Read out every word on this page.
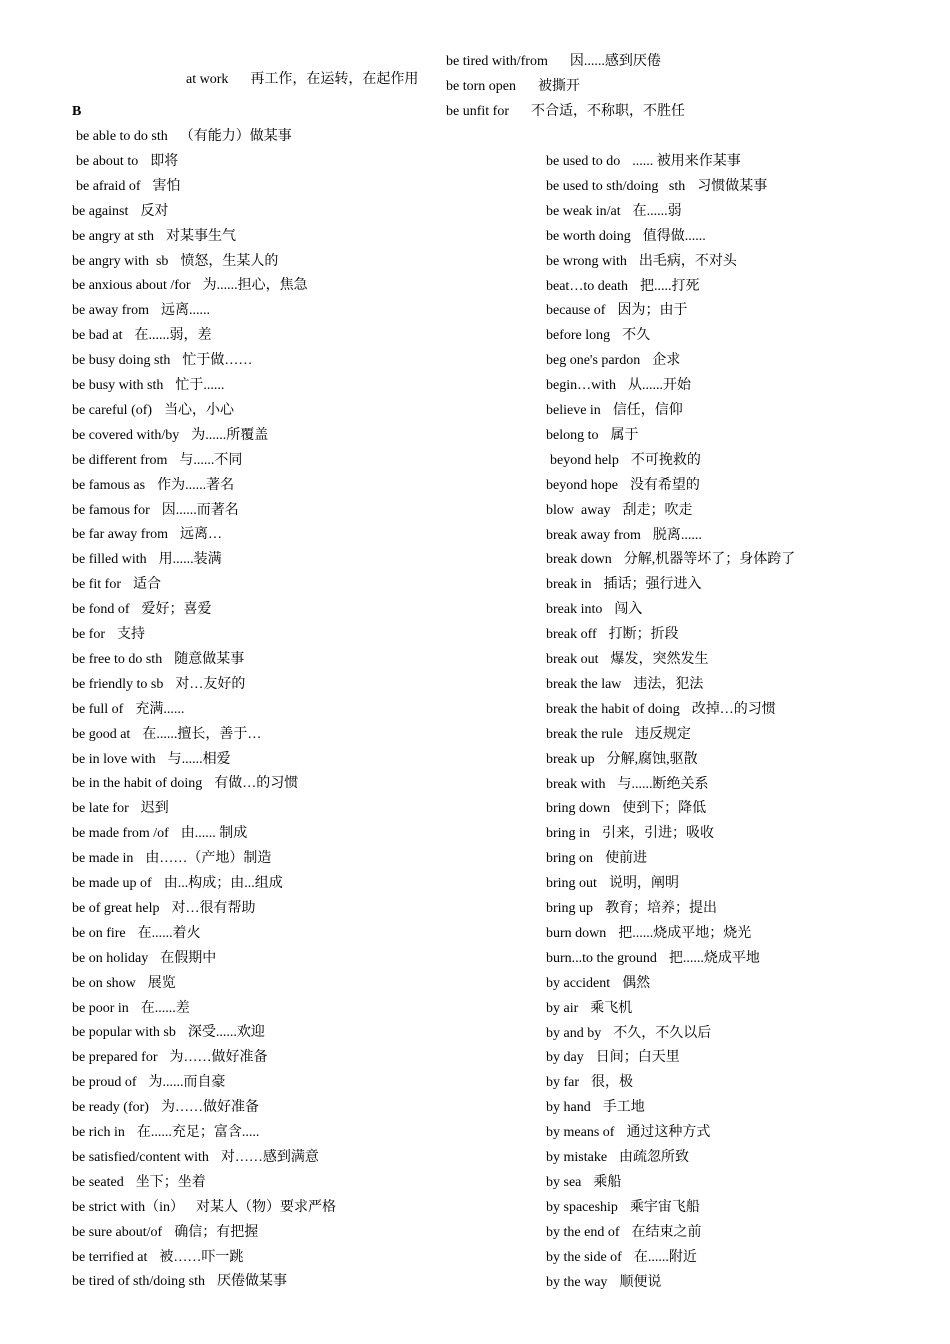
at work 再工作，在运转，在起作用

be tired with/from 因......感到厌倦
be torn open 被撕开
be unfit for 不合适，不称职，不胜任
B
be able to do sth （有能力）做某事
be about to 即将
be afraid of 害怕
be against 反对
be angry at sth 对某事生气
be angry with  sb 愤怒，生某人的
be anxious about /for 为......担心，焦急
be away from 远离......
be bad at 在......弱，差
be busy doing sth 忙于做……
be busy with sth 忙于......
be careful (of) 当心，小心
be covered with/by 为......所覆盖
be different from 与......不同
be famous as 作为......著名
be famous for 因......而著名
be far away from 远离…
be filled with 用......装满
be fit for 适合
be fond of 爱好；喜爱
be for 支持
be free to do sth 随意做某事
be friendly to sb 对…友好的
be full of 充满......
be good at 在......擅长，善于…
be in love with 与......相爱
be in the habit of doing 有做…的习惯
be late for 迟到
be made from /of 由...... 制成
be made in 由……（产地）制造
be made up of 由...构成；由...组成
be of great help 对…很有帮助
be on fire 在......着火
be on holiday 在假期中
be on show 展览
be poor in 在......差
be popular with sb 深受......欢迎
be prepared for 为……做好准备
be proud of 为......而自豪
be ready (for) 为……做好准备
be rich in 在......充足；富含.....
be satisfied/content with 对……感到满意
be seated 坐下；坐着
be strict with（in） 对某人（物）要求严格
be sure about/of 确信；有把握
be terrified at 被……吓一跳
be tired of sth/doing sth 厌倦做某事
be used to do ...... 被用来作某事
be used to sth/doing   sth 习惯做某事
be weak in/at 在......弱
be worth doing 值得做......
be wrong with 出毛病，不对头
beat…to death 把.....打死
because of 因为；由于
before long 不久
beg one's pardon 企求
begin…with 从......开始
believe in 信任，信仰
belong to 属于
beyond help 不可挽救的
beyond hope 没有希望的
blow  away 刮走；吹走
break away from 脱离......
break down 分解,机器等坏了；身体跨了
break in 插话；强行进入
break into 闯入
break off 打断；折段
break out 爆发，突然发生
break the law 违法，犯法
break the habit of doing 改掉…的习惯
break the rule 违反规定
break up 分解,腐蚀,驱散
break with 与......断绝关系
bring down 使到下；降低
bring in 引来，引进；吸收
bring on 使前进
bring out 说明，阐明
bring up 教育；培养；提出
burn down 把......烧成平地；烧光
burn...to the ground 把......烧成平地
by accident 偶然
by air 乘飞机
by and by 不久，不久以后
by day 日间；白天里
by far 很，极
by hand 手工地
by means of 通过这种方式
by mistake 由疏忽所致
by sea 乘船
by spaceship 乘宇宙飞船
by the end of 在结束之前
by the side of 在......附近
by the way 顺便说
